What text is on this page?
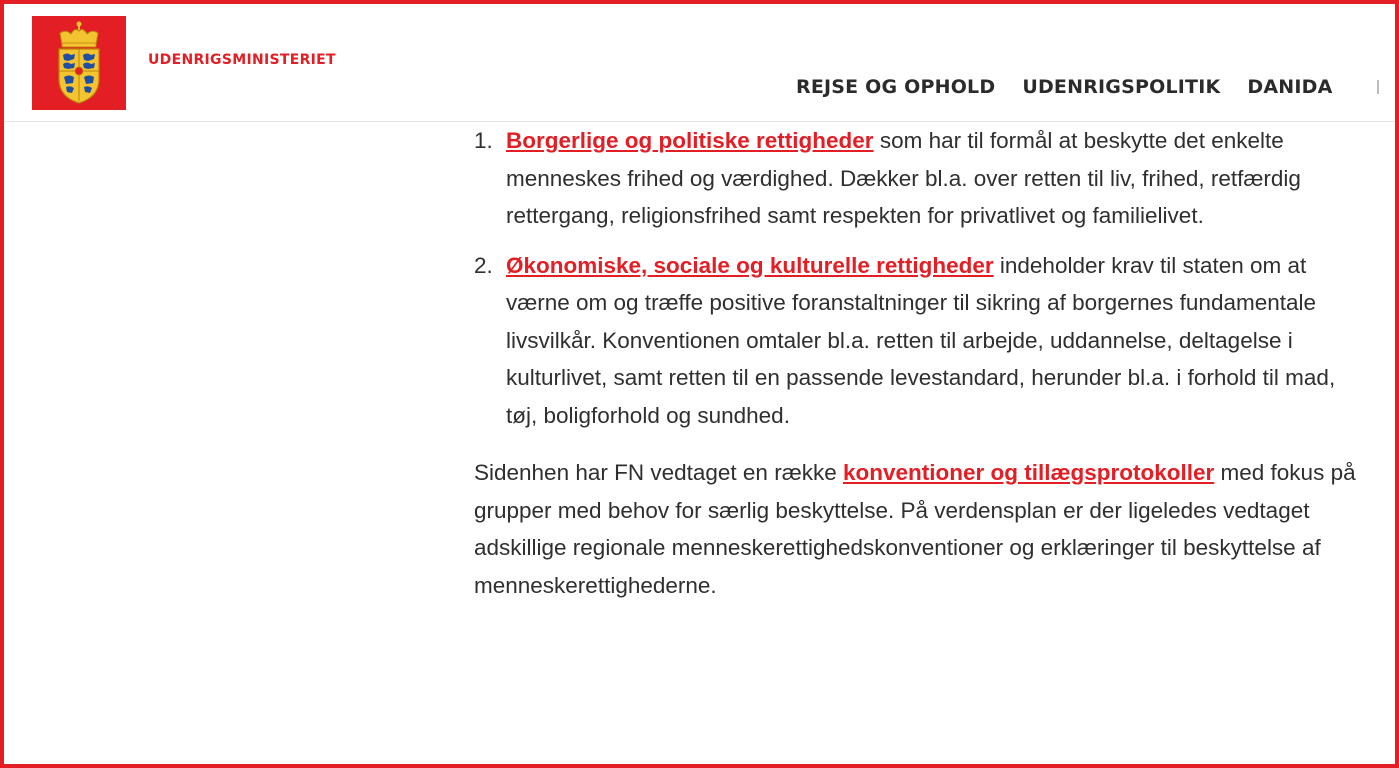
UDENRIGSMINISTERIET
REJSE OG OPHOLD UDENRIGSPOLITIK DANIDA
1. Borgerlige og politiske rettigheder som har til formål at beskytte det enkelte menneskes frihed og værdighed. Dækker bl.a. over retten til liv, frihed, retfærdig rettergang, religionsfrihed samt respekten for privatlivet og familielivet.
2. Økonomiske, sociale og kulturelle rettigheder indeholder krav til staten om at værne om og træffe positive foranstaltninger til sikring af borgernes fundamentale livsvilkår. Konventionen omtaler bl.a. retten til arbejde, uddannelse, deltagelse i kulturlivet, samt retten til en passende levestandard, herunder bl.a. i forhold til mad, tøj, boligforhold og sundhed.

Sidenhen har FN vedtaget en række konventioner og tillægsprotokoller med fokus på grupper med behov for særlig beskyttelse. På verdensplan er der ligeledes vedtaget adskillige regionale menneskerettighedskonventioner og erklæringer til beskyttelse af menneskerettighederne.
